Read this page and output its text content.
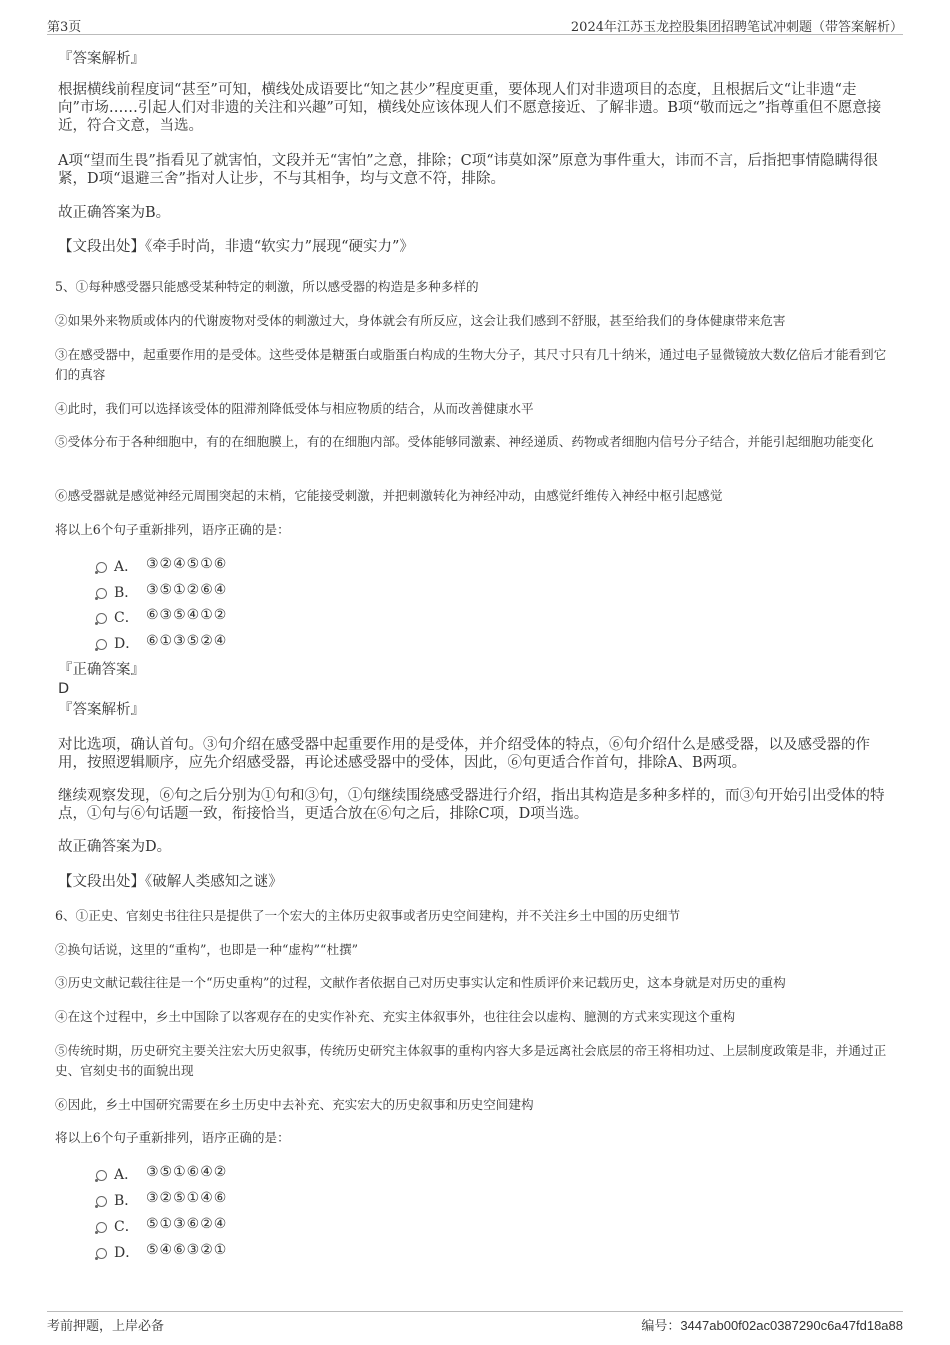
第3页	2024年江苏玉龙控股集团招聘笔试冲刺题（带答案解析）

『答案解析』

根据横线前程度词“甚至”可知，横线处成语要比“知之甚少”程度更重，要体现人们对非遗项目的态度，且根据后文“让非遗“走向”市场……引起人们对非遗的关注和兴趣”可知，横线处应该体现人们不愿意接近、了解非遗。B项“敬而远之”指尊重但不愿意接近，符合文意，当选。

A项“望而生畏”指看见了就害怕，文段并无“害怕”之意，排除；C项“讳莫如深”原意为事件重大，讳而不言，后指把事情隐瞒得很紧，D项“退避三舍”指对人让步，不与其相争，均与文意不符，排除。

故正确答案为B。

【文段出处】《牵手时尚，非遗“软实力”展现“硬实力”》

5、①每种感受器只能感受某种特定的刺激，所以感受器的构造是多种多样的

②如果外来物质或体内的代谢废物对受体的刺激过大，身体就会有所反应，这会让我们感到不舒服，甚至给我们的身体健康带来危害

③在感受器中，起重要作用的是受体。这些受体是糖蛋白或脂蛋白构成的生物大分子，其尺寸只有几十纳米，通过电子显微镜放大数亿倍后才能看到它们的真容

④此时，我们可以选择该受体的阻滞剂降低受体与相应物质的结合，从而改善健康水平

⑤受体分布于各种细胞中，有的在细胞膜上，有的在细胞内部。受体能够同激素、神经递质、药物或者细胞内信号分子结合，并能引起细胞功能变化

⑥感受器就是感觉神经元周围突起的末梢，它能接受刺激，并把刺激转化为神经冲动，由感觉纤维传入神经中枢引起感觉

将以上6个句子重新排列，语序正确的是：

A． ③②④⑤①⑥
B． ③⑤①②⑥④
C． ⑥③⑤④①②
D． ⑥①③⑤②④

『正确答案』

D

『答案解析』

对比选项，确认首句。③句介绍在感受器中起重要作用的是受体，并介绍受体的特点，⑥句介绍什么是感受器，以及感受器的作用，按照逻辑顺序，应先介绍感受器，再论述感受器中的受体，因此，⑥句更适合作首句，排除A、B两项。

继续观察发现，⑥句之后分别为①句和③句，①句继续围绕感受器进行介绍，指出其构造是多种多样的，而③句开始引出受体的特点，①句与⑥句话题一致，衔接恰当，更适合放在⑥句之后，排除C项，D项当选。

故正确答案为D。

【文段出处】《破解人类感知之谜》

6、①正史、官刻史书往往只是提供了一个宏大的主体历史叙事或者历史空间建构，并不关注乡土中国的历史细节

②换句话说，这里的“重构”，也即是一种“虚构”“杜撰”

③历史文献记载往往是一个“历史重构”的过程，文献作者依据自己对历史事实认定和性质评价来记载历史，这本身就是对历史的重构

④在这个过程中，乡土中国除了以客观存在的史实作补充、充实主体叙事外，也往往会以虚构、臆测的方式来实现这个重构

⑤传统时期，历史研究主要关注宏大历史叙事，传统历史研究主体叙事的重构内容大多是远离社会底层的帝王将相功过、上层制度政策是非，并通过正史、官刻史书的面貌出现

⑥因此，乡土中国研究需要在乡土历史中去补充、充实宏大的历史叙事和历史空间建构

将以上6个句子重新排列，语序正确的是：

A． ③⑤①⑥④②
B． ③②⑤①④⑥
C． ⑤①③⑥②④
D． ⑤④⑥③②①
考前押题，上岸必备	编号：3447ab00f02ac0387290c6a47fd18a88
